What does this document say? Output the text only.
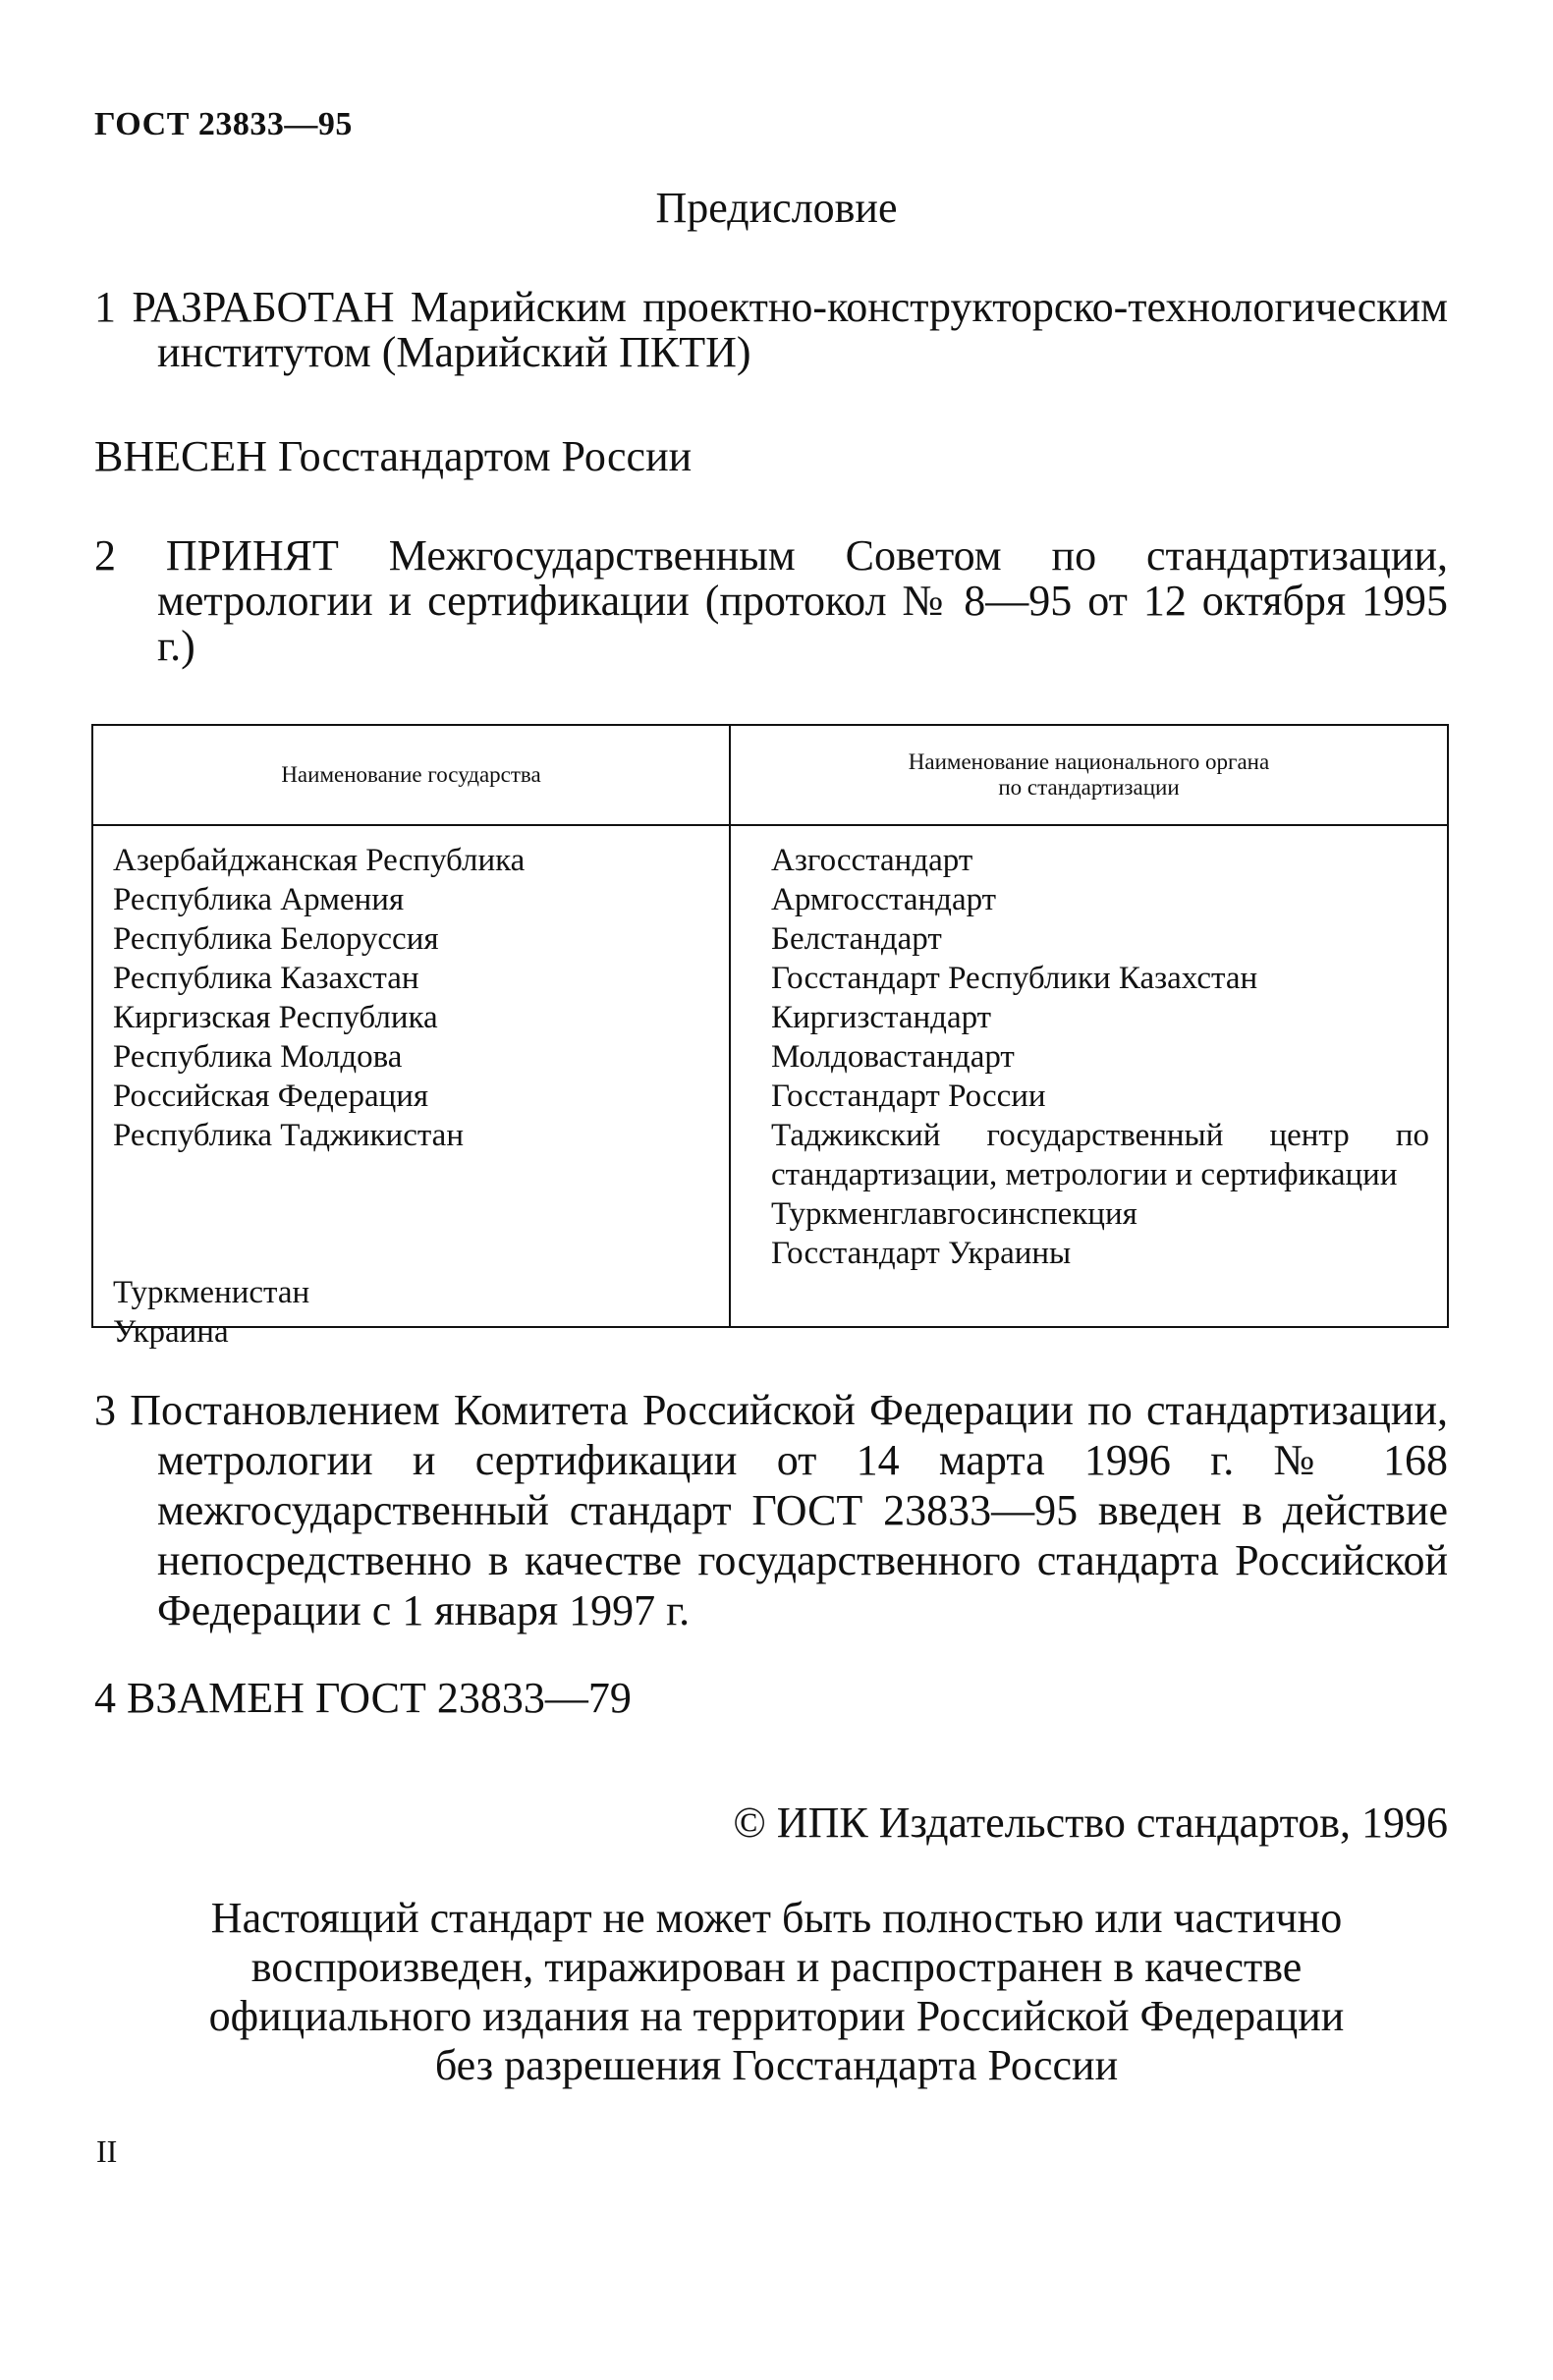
ГОСТ 23833—95
Предисловие
1 РАЗРАБОТАН Марийским проектно-конструкторско-технологическим институтом (Марийский ПКТИ)
ВНЕСЕН Госстандартом России
2 ПРИНЯТ Межгосударственным Советом по стандартизации, метрологии и сертификации (протокол № 8—95 от 12 октября 1995 г.)
Наименование государства
Наименование национального органа
по стандартизации
Азербайджанская Республика
Республика Армения
Республика Белоруссия
Республика Казахстан
Киргизская Республика
Республика Молдова
Российская Федерация
Республика Таджикистан
Туркменистан
Украина
Азгосстандарт
Армгосстандарт
Белстандарт
Госстандарт Республики Казахстан
Киргизстандарт
Молдовастандарт
Госстандарт России
Таджикский государственный центр по стандартизации, метрологии и сертификации
Туркменглавгосинспекция
Госстандарт Украины
3 Постановлением Комитета Российской Федерации по стандартизации, метрологии и сертификации от 14 марта 1996 г. № 168 межгосударственный стандарт ГОСТ 23833—95 введен в действие непосредственно в качестве государственного стандарта Российской Федерации с 1 января 1997 г.
4 ВЗАМЕН ГОСТ 23833—79
© ИПК Издательство стандартов, 1996
Настоящий стандарт не может быть полностью или частично
воспроизведен, тиражирован и распространен в качестве
официального издания на территории Российской Федерации
без разрешения Госстандарта России
II
